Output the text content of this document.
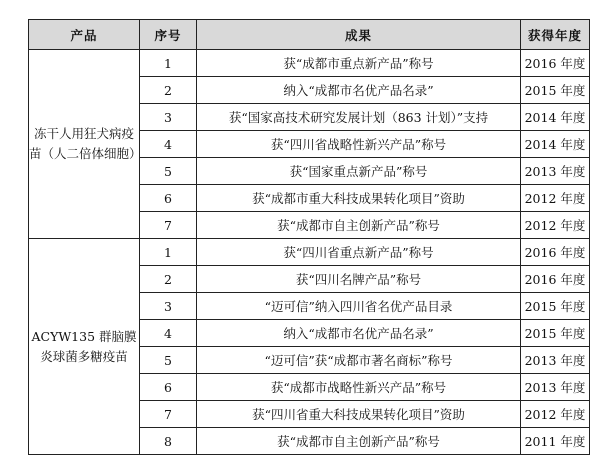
产品	序号	成果	获得年度
冻干人用狂犬病疫苗（人二倍体细胞）	1	获“成都市重点新产品”称号	2016 年度
	2	纳入“成都市名优产品名录”	2015 年度
	3	获“国家高技术研究发展计划（863 计划）”支持	2014 年度
	4	获“四川省战略性新兴产品”称号	2014 年度
	5	获“国家重点新产品”称号	2013 年度
	6	获“成都市重大科技成果转化项目”资助	2012 年度
	7	获“成都市自主创新产品”称号	2012 年度
ACYW135 群脑膜炎球菌多糖疫苗	1	获“四川省重点新产品”称号	2016 年度
	2	获“四川名牌产品”称号	2016 年度
	3	“迈可信”纳入四川省名优产品目录	2015 年度
	4	纳入“成都市名优产品名录”	2015 年度
	5	“迈可信”获“成都市著名商标”称号	2013 年度
	6	获“成都市战略性新兴产品”称号	2013 年度
	7	获“四川省重大科技成果转化项目”资助	2012 年度
	8	获“成都市自主创新产品”称号	2011 年度
